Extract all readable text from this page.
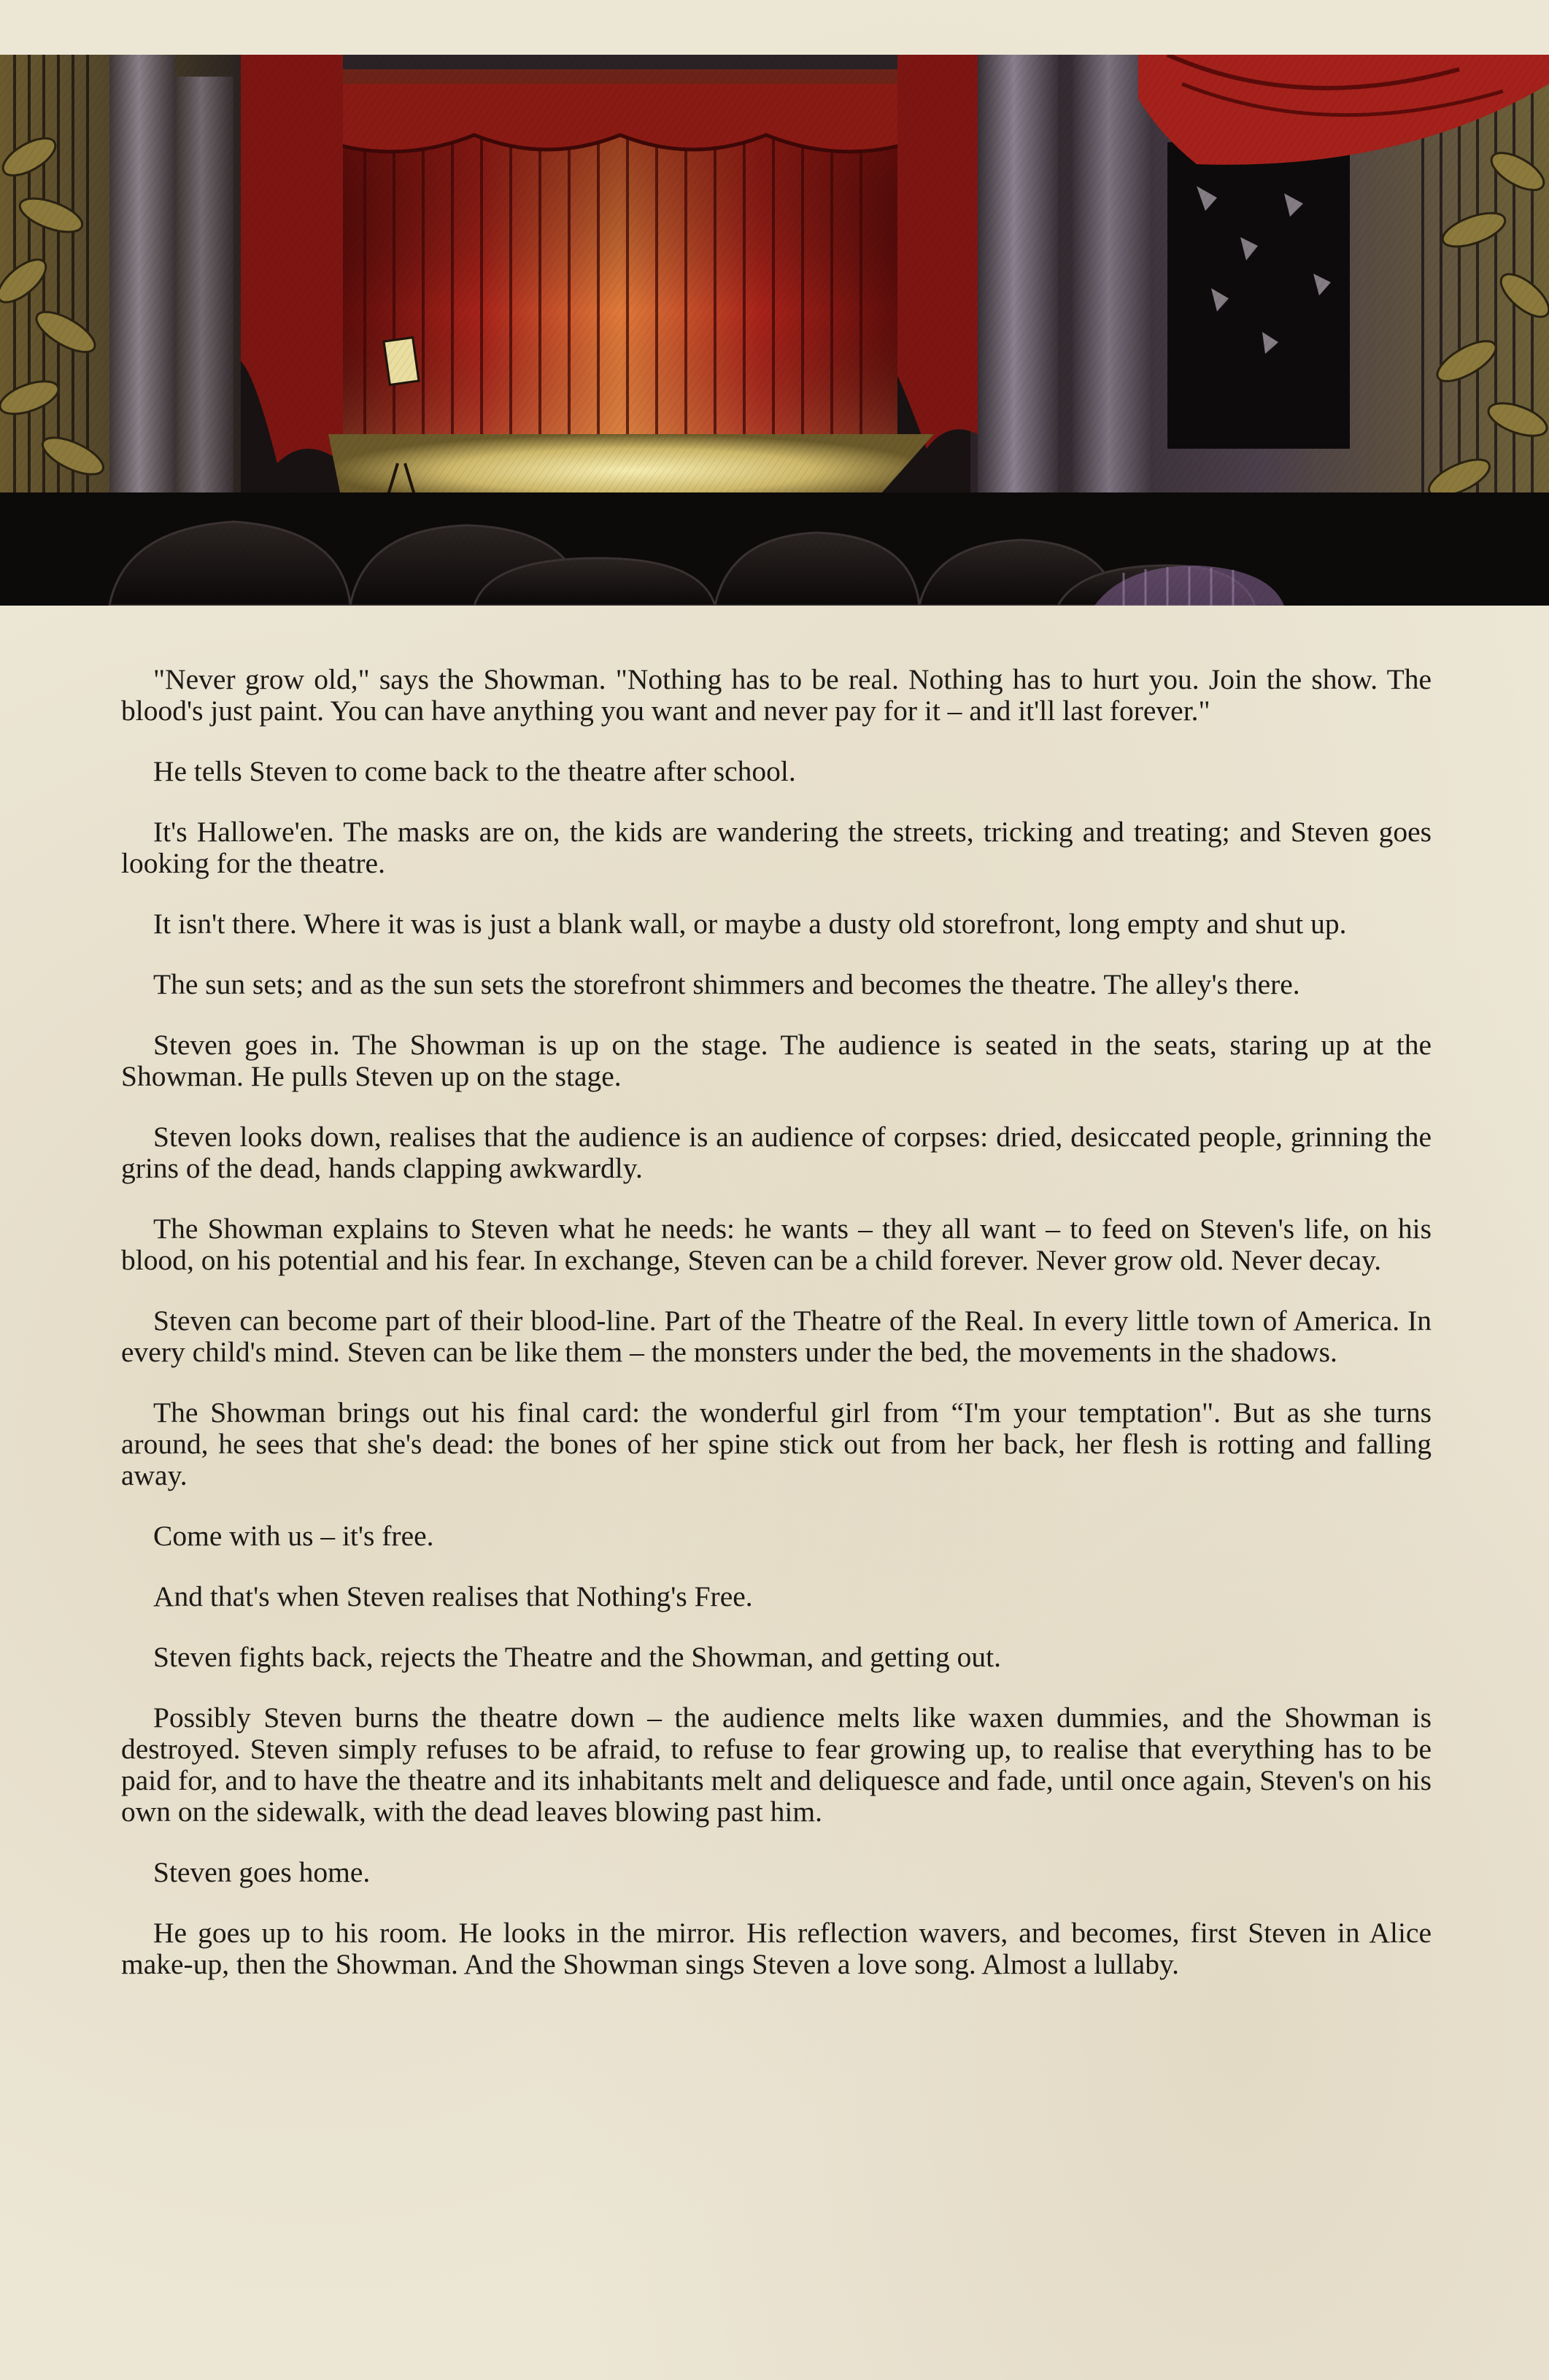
"Never grow old," says the Showman. "Nothing has to be real. Nothing has to hurt you. Join the show. The blood's just paint. You can have anything you want and never pay for it – and it'll last forever."

He tells Steven to come back to the theatre after school.

It's Hallowe'en. The masks are on, the kids are wandering the streets, tricking and treating; and Steven goes looking for the theatre.

It isn't there. Where it was is just a blank wall, or maybe a dusty old storefront, long empty and shut up.

The sun sets; and as the sun sets the storefront shimmers and becomes the theatre. The alley's there.

Steven goes in. The Showman is up on the stage. The audience is seated in the seats, staring up at the Showman. He pulls Steven up on the stage.

Steven looks down, realises that the audience is an audience of corpses: dried, desiccated people, grinning the grins of the dead, hands clapping awkwardly.

The Showman explains to Steven what he needs: he wants – they all want – to feed on Steven's life, on his blood, on his potential and his fear. In exchange, Steven can be a child forever. Never grow old. Never decay.

Steven can become part of their blood-line. Part of the Theatre of the Real. In every little town of America. In every child's mind. Steven can be like them – the monsters under the bed, the movements in the shadows.

The Showman brings out his final card: the wonderful girl from “I'm your temptation". But as she turns around, he sees that she's dead: the bones of her spine stick out from her back, her flesh is rotting and falling away.

Come with us – it's free.

And that's when Steven realises that Nothing's Free.

Steven fights back, rejects the Theatre and the Showman, and getting out.

Possibly Steven burns the theatre down – the audience melts like waxen dummies, and the Showman is destroyed. Steven simply refuses to be afraid, to refuse to fear growing up, to realise that everything has to be paid for, and to have the theatre and its inhabitants melt and deliquesce and fade, until once again, Steven's on his own on the sidewalk, with the dead leaves blowing past him.

Steven goes home.

He goes up to his room. He looks in the mirror. His reflection wavers, and becomes, first Steven in Alice make-up, then the Showman. And the Showman sings Steven a love song. Almost a lullaby.
